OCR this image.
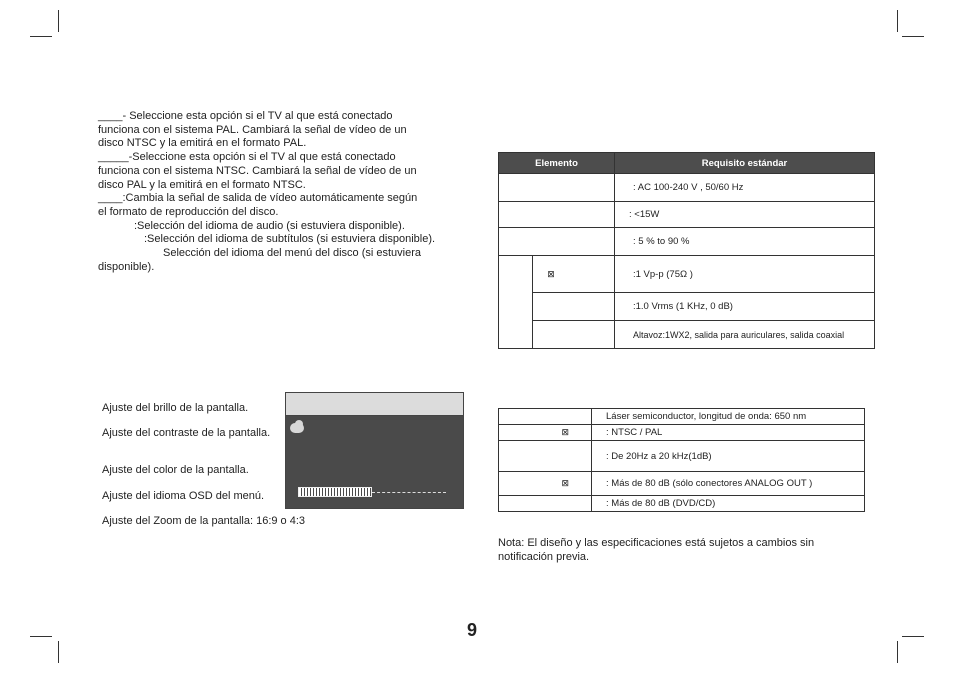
____- Seleccione esta opción si el TV al que está conectado
funciona con el sistema PAL. Cambiará la señal de vídeo de un
disco NTSC y la emitirá en el formato PAL.
_____-Seleccione esta opción si el TV al que está conectado
funciona con el sistema NTSC. Cambiará la señal de vídeo de un
disco PAL y la emitirá en el formato NTSC.
____:Cambia la señal de salida de vídeo automáticamente según
el formato de reproducción del disco.
:Selección del idioma de audio (si estuviera disponible).
:Selección del idioma de subtítulos (si estuviera disponible).
Selección del idioma del menú del disco (si estuviera
disponible).
Ajuste del brillo de la pantalla.
Ajuste del contraste de la pantalla.
Ajuste del color de la pantalla.
Ajuste del idioma OSD del menú.
Ajuste del Zoom de la pantalla: 16:9 o 4:3
Elemento		Requisito estándar
		: AC 100-240 V , 50/60 Hz
		: <15W
		: 5 % to 90 %
	⊠	:1 Vp-p (75Ω )
		:1.0 Vrms (1 KHz, 0 dB)
		Altavoz:1WX2, salida para auriculares, salida coaxial
	Láser semiconductor, longitud de onda: 650 nm
⊠	: NTSC / PAL
	: De 20Hz a 20 kHz(1dB)
⊠	: Más de 80 dB (sólo conectores ANALOG OUT )
	: Más de 80 dB (DVD/CD)
Nota: El diseño y las especificaciones está sujetos a cambios sin notificación previa.
9
